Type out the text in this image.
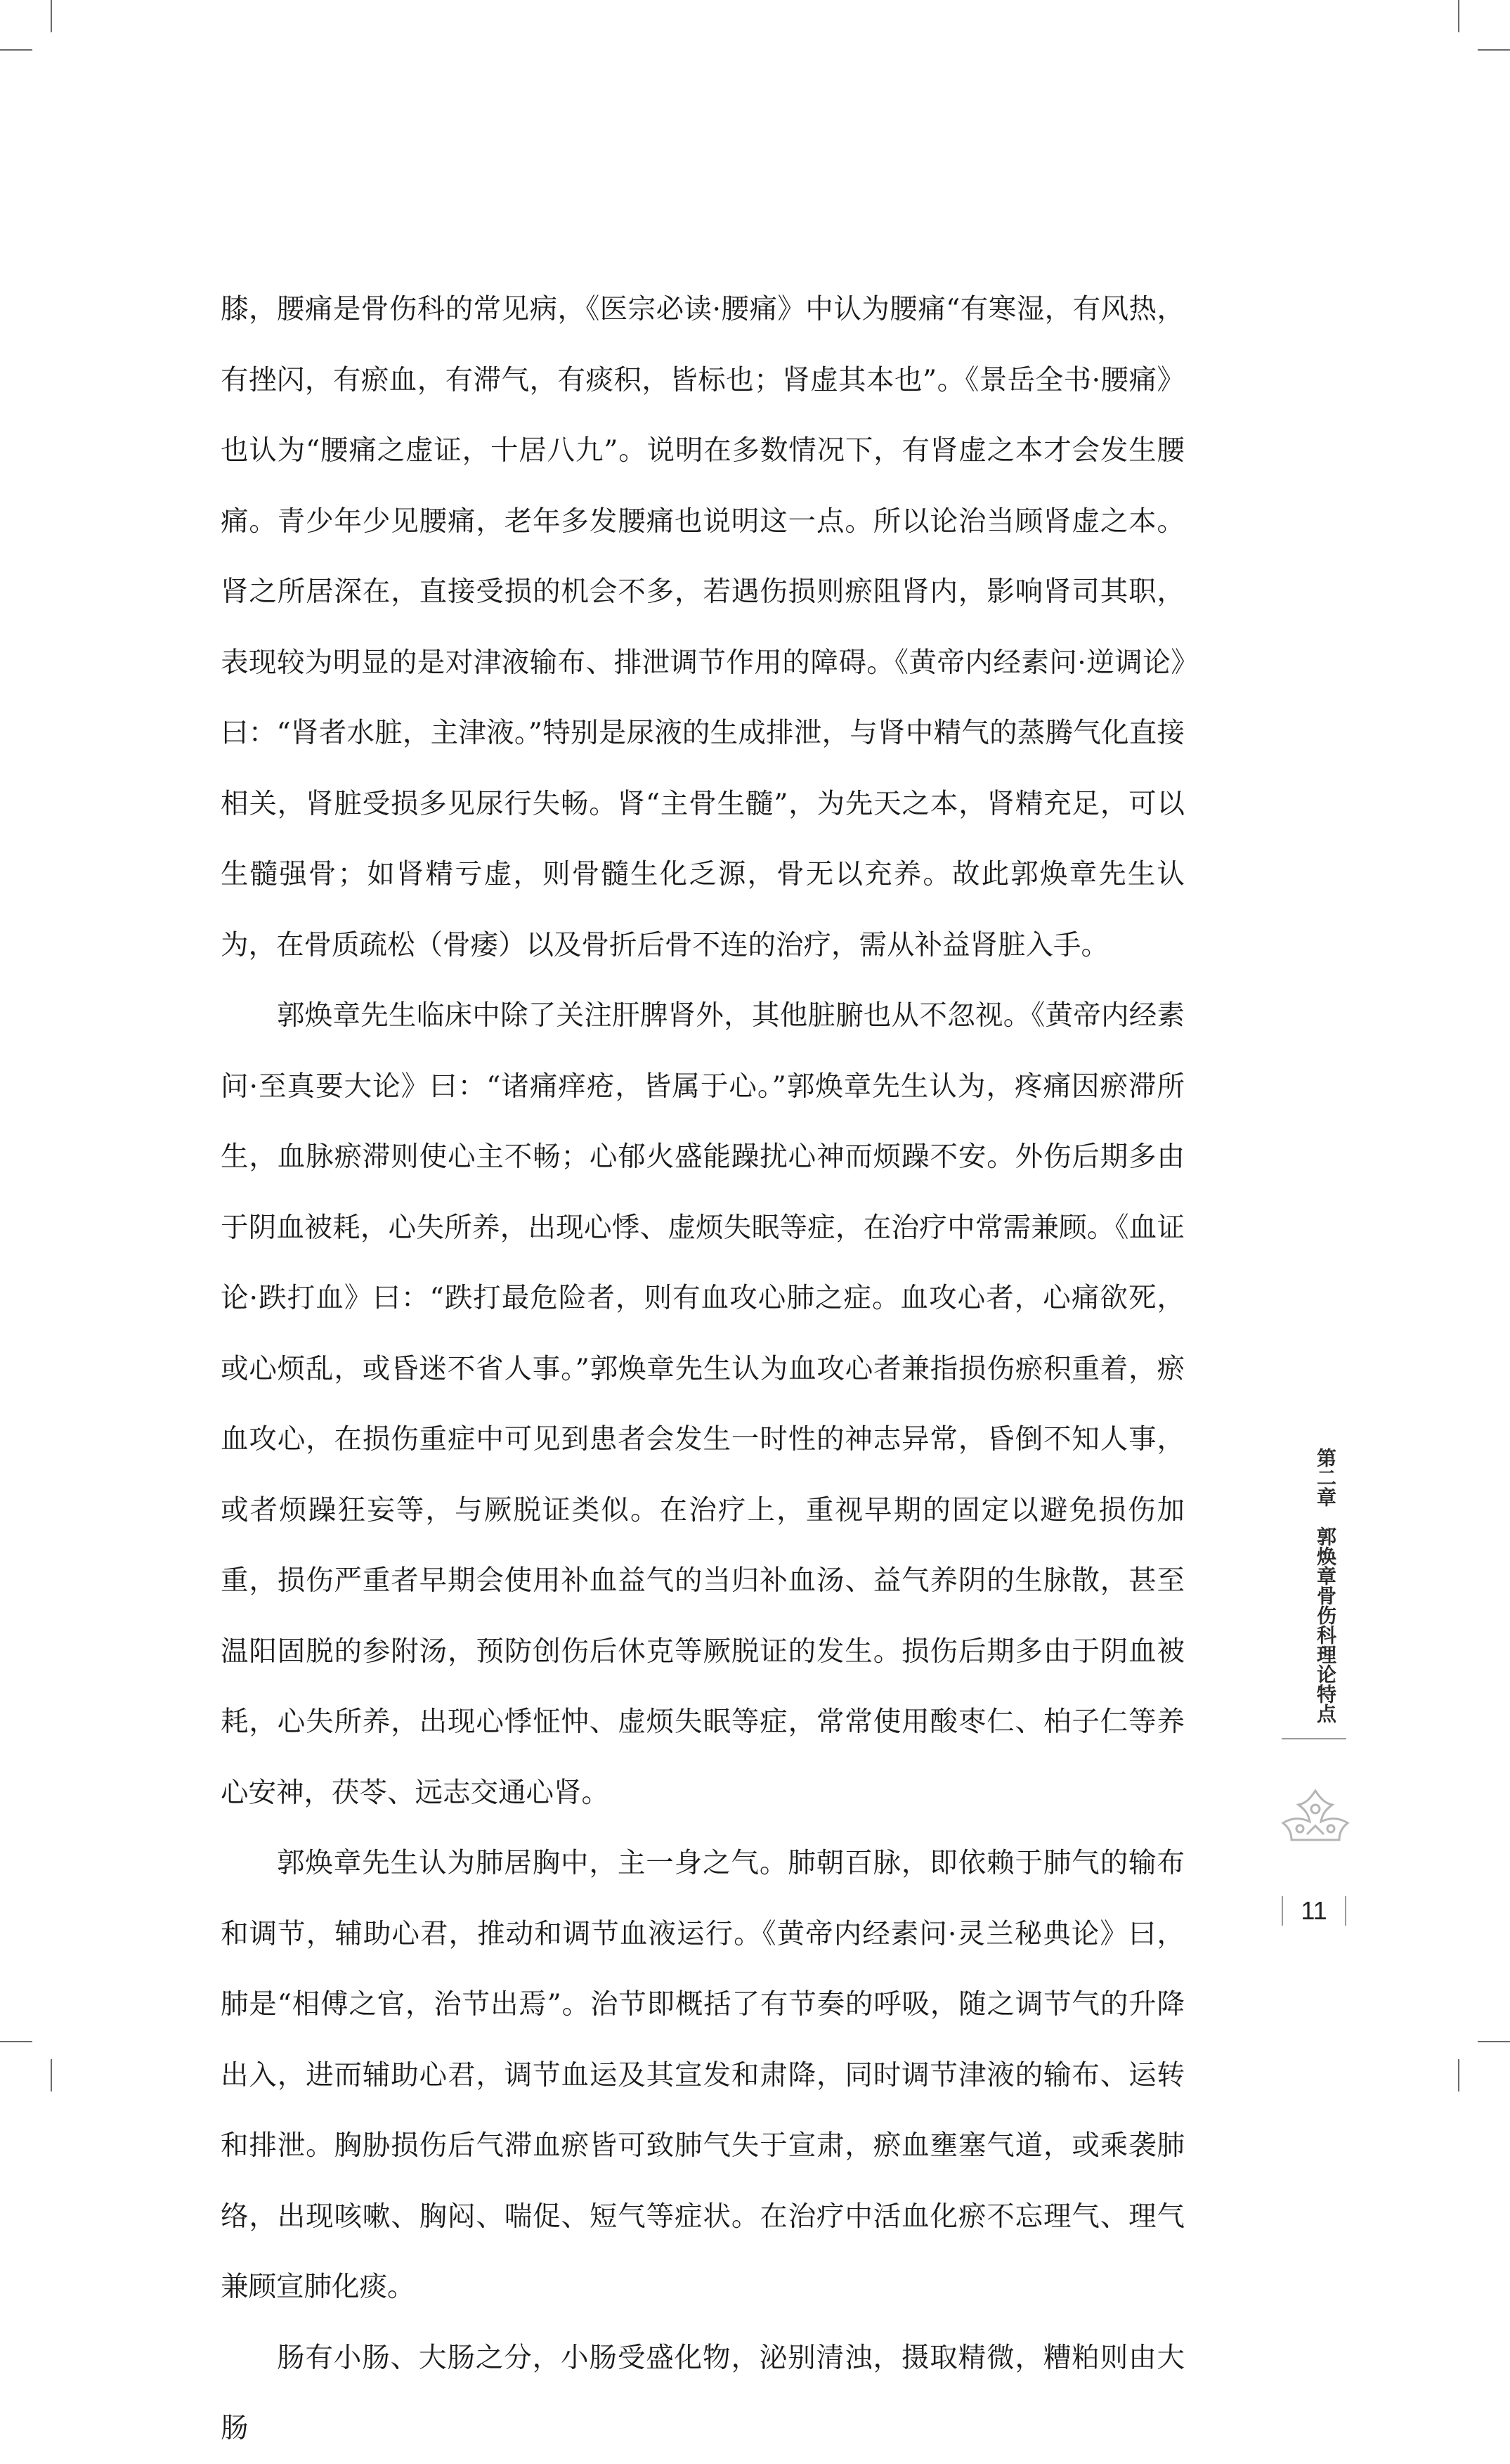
膝，腰痛是骨伤科的常见病，《医宗必读·腰痛》中认为腰痛“有寒湿，有风热，有挫闪，有瘀血，有滞气，有痰积，皆标也；肾虚其本也”。《景岳全书·腰痛》也认为“腰痛之虚证，十居八九”。说明在多数情况下，有肾虚之本才会发生腰痛。青少年少见腰痛，老年多发腰痛也说明这一点。所以论治当顾肾虚之本。肾之所居深在，直接受损的机会不多，若遇伤损则瘀阻肾内，影响肾司其职，表现较为明显的是对津液输布、排泄调节作用的障碍。《黄帝内经素问·逆调论》曰：“肾者水脏，主津液。”特别是尿液的生成排泄，与肾中精气的蒸腾气化直接相关，肾脏受损多见尿行失畅。肾“主骨生髓”，为先天之本，肾精充足，可以生髓强骨；如肾精亏虚，则骨髓生化乏源，骨无以充养。故此郭焕章先生认为，在骨质疏松（骨痿）以及骨折后骨不连的治疗，需从补益肾脏入手。

郭焕章先生临床中除了关注肝脾肾外，其他脏腑也从不忽视。《黄帝内经素问·至真要大论》曰：“诸痛痒疮，皆属于心。”郭焕章先生认为，疼痛因瘀滞所生，血脉瘀滞则使心主不畅；心郁火盛能躁扰心神而烦躁不安。外伤后期多由于阴血被耗，心失所养，出现心悸、虚烦失眠等症，在治疗中常需兼顾。《血证论·跌打血》曰：“跌打最危险者，则有血攻心肺之症。血攻心者，心痛欲死，或心烦乱，或昏迷不省人事。”郭焕章先生认为血攻心者兼指损伤瘀积重着，瘀血攻心，在损伤重症中可见到患者会发生一时性的神志异常，昏倒不知人事，或者烦躁狂妄等，与厥脱证类似。在治疗上，重视早期的固定以避免损伤加重，损伤严重者早期会使用补血益气的当归补血汤、益气养阴的生脉散，甚至温阳固脱的参附汤，预防创伤后休克等厥脱证的发生。损伤后期多由于阴血被耗，心失所养，出现心悸怔忡、虚烦失眠等症，常常使用酸枣仁、柏子仁等养心安神，茯苓、远志交通心肾。

郭焕章先生认为肺居胸中，主一身之气。肺朝百脉，即依赖于肺气的输布和调节，辅助心君，推动和调节血液运行。《黄帝内经素问·灵兰秘典论》曰，肺是“相傅之官，治节出焉”。治节即概括了有节奏的呼吸，随之调节气的升降出入，进而辅助心君，调节血运及其宣发和肃降，同时调节津液的输布、运转和排泄。胸胁损伤后气滞血瘀皆可致肺气失于宣肃，瘀血壅塞气道，或乘袭肺络，出现咳嗽、胸闷、喘促、短气等症状。在治疗中活血化瘀不忘理气、理气兼顾宣肺化痰。

肠有小肠、大肠之分，小肠受盛化物，泌别清浊，摄取精微，糟粕则由大肠

第二章　郭焕章骨伤科理论特点
11
